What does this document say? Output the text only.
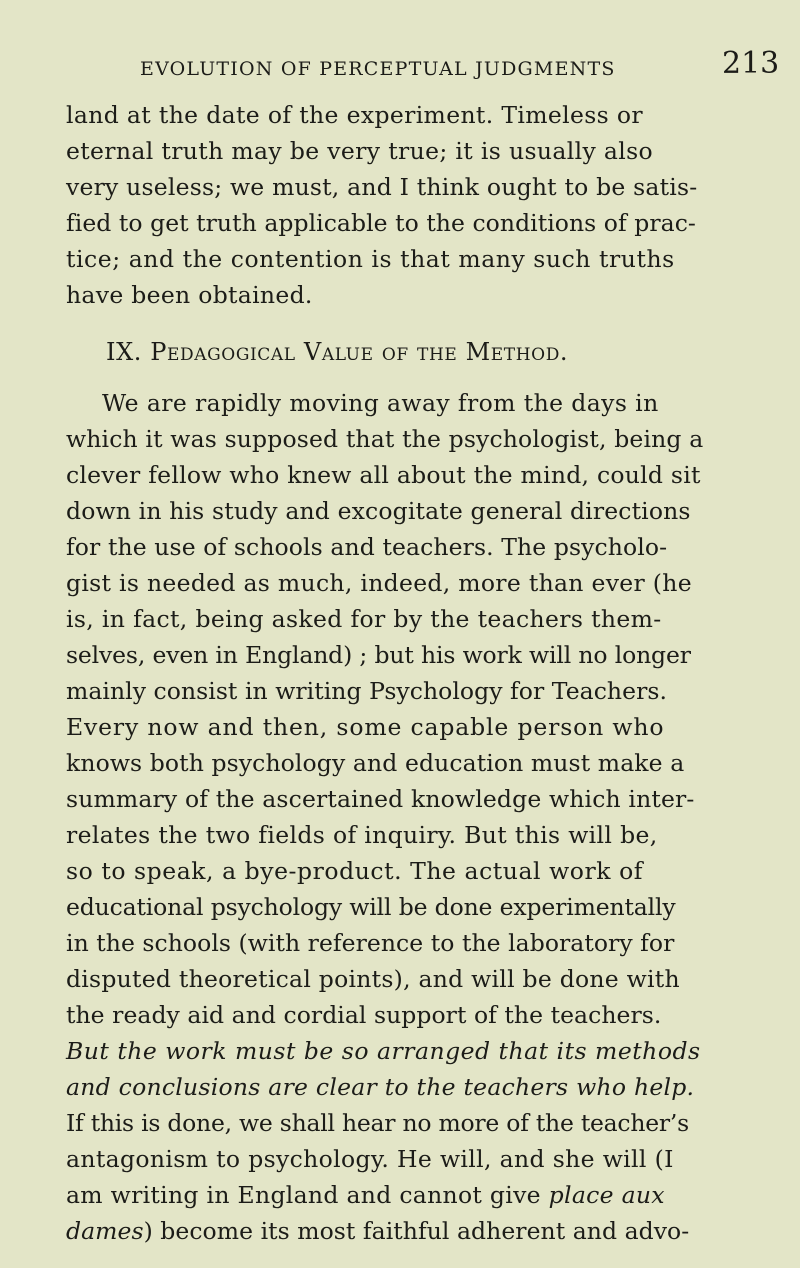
EVOLUTION OF PERCEPTUAL JUDGMENTS	213
land at the date of the experiment. Timeless or
eternal truth may be very true; it is usually also
very useless; we must, and I think ought to be satis-
fied to get truth applicable to the conditions of prac-
tice; and the contention is that many such truths
have been obtained.
IX. Pedagogical Value of the Method.
We are rapidly moving away from the days in
which it was supposed that the psychologist, being a
clever fellow who knew all about the mind, could sit
down in his study and excogitate general directions
for the use of schools and teachers. The psycholo-
gist is needed as much, indeed, more than ever (he
is, in fact, being asked for by the teachers them-
selves, even in England) ; but his work will no longer
mainly consist in writing Psychology for Teachers.
Every now and then, some capable person who
knows both psychology and education must make a
summary of the ascertained knowledge which inter-
relates the two fields of inquiry. But this will be,
so to speak, a bye-product. The actual work of
educational psychology will be done experimentally
in the schools (with reference to the laboratory for
disputed theoretical points), and will be done with
the ready aid and cordial support of the teachers.
But the work must be so arranged that its methods
and conclusions are clear to the teachers who help.
If this is done, we shall hear no more of the teacher’s
antagonism to psychology. He will, and she will (I
am writing in England and cannot give place aux
dames) become its most faithful adherent and advo-
